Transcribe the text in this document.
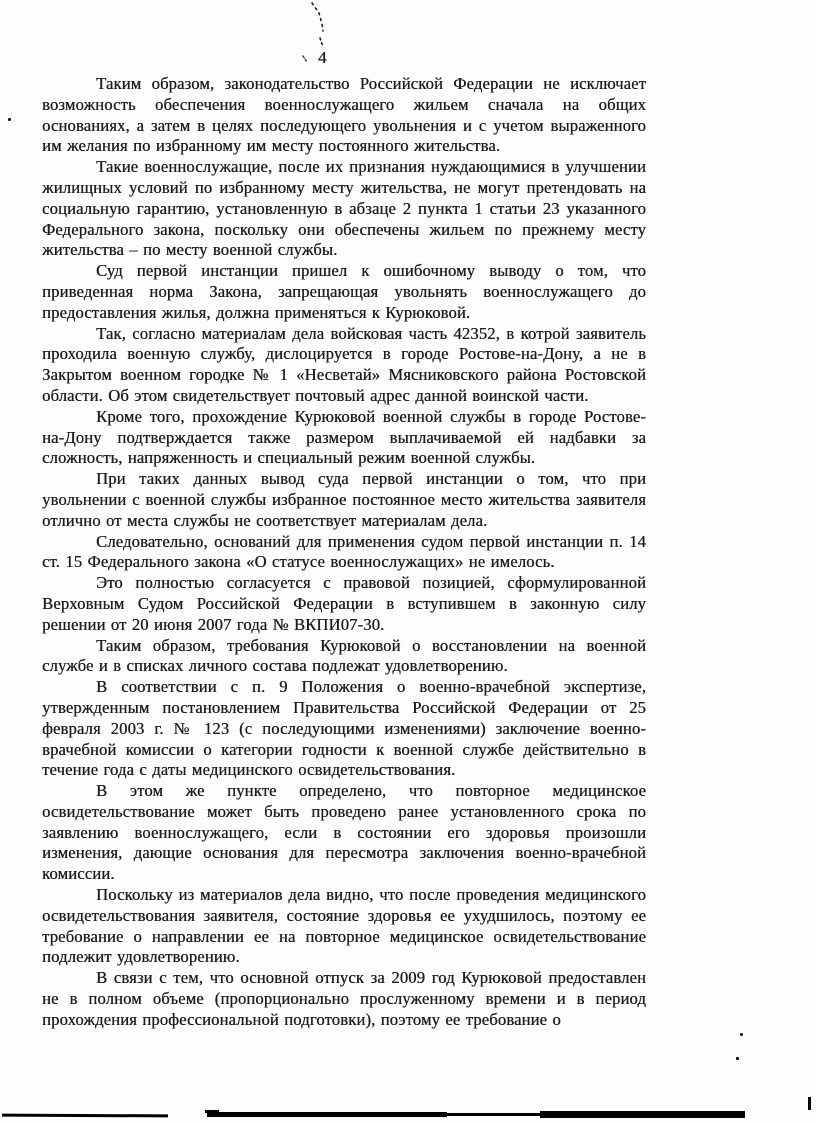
4

Таким образом, законодательство Российской Федерации не исключает возможность обеспечения военнослужащего жильем сначала на общих основаниях, а затем в целях последующего увольнения и с учетом выраженного им желания по избранному им месту постоянного жительства.

Такие военнослужащие, после их признания нуждающимися в улучшении жилищных условий по избранному месту жительства, не могут претендовать на социальную гарантию, установленную в абзаце 2 пункта 1 статьи 23 указанного Федерального закона, поскольку они обеспечены жильем по прежнему месту жительства – по месту военной службы.

Суд первой инстанции пришел к ошибочному выводу о том, что приведенная норма Закона, запрещающая увольнять военнослужащего до предоставления жилья, должна применяться к Курюковой.

Так, согласно материалам дела войсковая часть 42352, в котрой заявитель проходила военную службу, дислоцируется в городе Ростове-на-Дону, а не в Закрытом военном городке № 1 «Несветай» Мясниковского района Ростовской области. Об этом свидетельствует почтовый адрес данной воинской части.

Кроме того, прохождение Курюковой военной службы в городе Ростове-на-Дону подтверждается также размером выплачиваемой ей надбавки за сложность, напряженность и специальный режим военной службы.

При таких данных вывод суда первой инстанции о том, что при увольнении с военной службы избранное постоянное место жительства заявителя отлично от места службы не соответствует материалам дела.

Следовательно, оснований для применения судом первой инстанции п. 14 ст. 15 Федерального закона «О статусе военнослужащих» не имелось.

Это полностью согласуется с правовой позицией, сформулированной Верховным Судом Российской Федерации в вступившем в законную силу решении от 20 июня 2007 года № ВКПИ07-30.

Таким образом, требования Курюковой о восстановлении на военной службе и в списках личного состава подлежат удовлетворению.

В соответствии с п. 9 Положения о военно-врачебной экспертизе, утвержденным постановлением Правительства Российской Федерации от 25 февраля 2003 г. № 123 (с последующими изменениями) заключение военно-врачебной комиссии о категории годности к военной службе действительно в течение года с даты медицинского освидетельствования.

В этом же пункте определено, что повторное медицинское освидетельствование может быть проведено ранее установленного срока по заявлению военнослужащего, если в состоянии его здоровья произошли изменения, дающие основания для пересмотра заключения военно-врачебной комиссии.

Поскольку из материалов дела видно, что после проведения медицинского освидетельствования заявителя, состояние здоровья ее ухудшилось, поэтому ее требование о направлении ее на повторное медицинское освидетельствование подлежит удовлетворению.

В связи с тем, что основной отпуск за 2009 год Курюковой предоставлен не в полном объеме (пропорционально прослуженному времени и в период прохождения профессиональной подготовки), поэтому ее требование о
